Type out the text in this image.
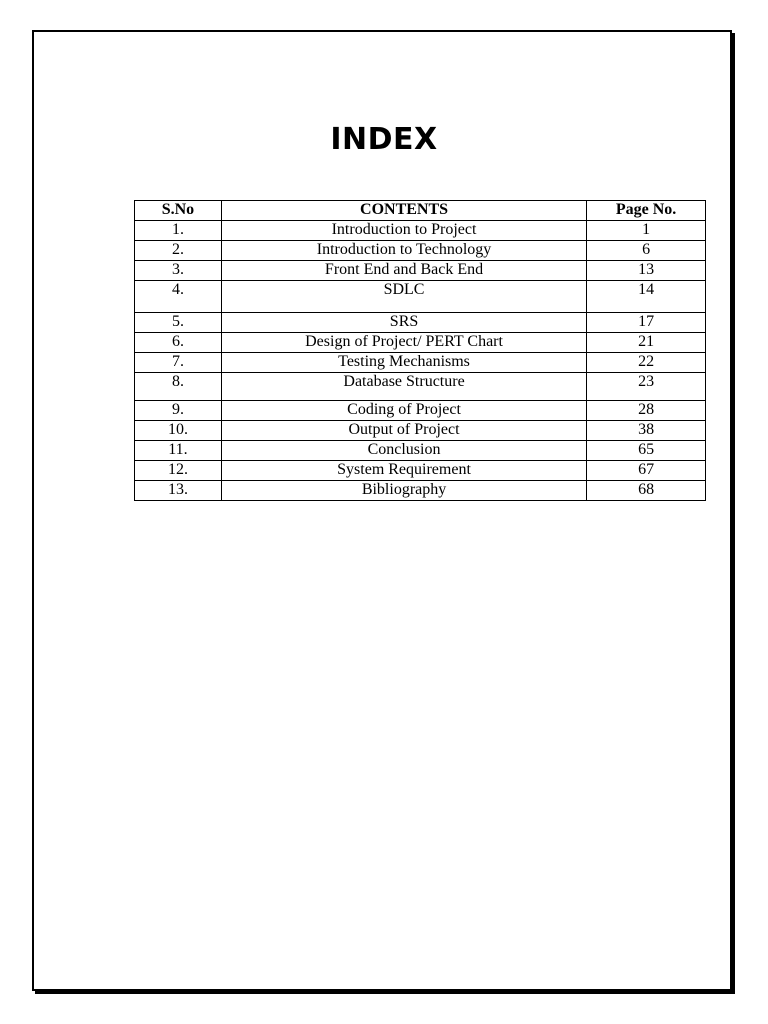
INDEX
S.No	CONTENTS	Page No.
1.	Introduction to Project	1
2.	Introduction to Technology	6
3.	Front End and Back End	13
4.	SDLC	14
5.	SRS	17
6.	Design of Project/ PERT Chart	21
7.	Testing Mechanisms	22
8.	Database Structure	23
9.	Coding of Project	28
10.	Output of Project	38
11.	Conclusion	65
12.	System Requirement	67
13.	Bibliography	68
